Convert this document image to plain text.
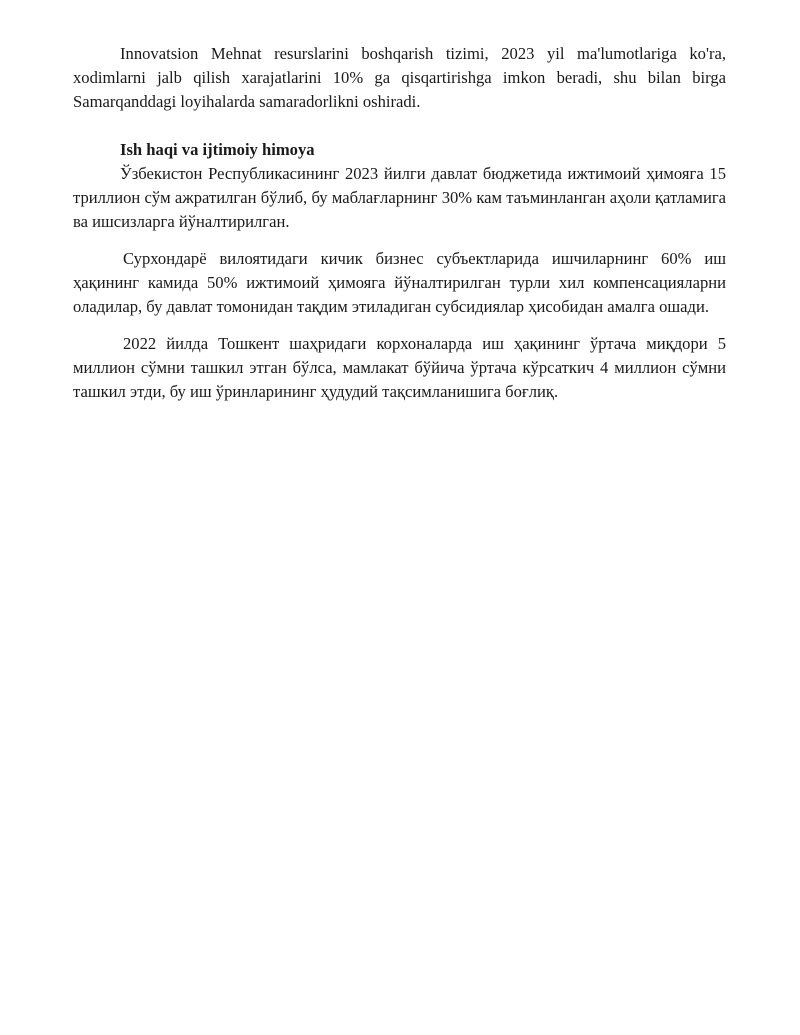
Innovatsion Mehnat resurslarini boshqarish tizimi, 2023 yil ma'lumotlariga ko'ra, xodimlarni jalb qilish xarajatlarini 10% ga qisqartirishga imkon beradi, shu bilan birga Samarqanddagi loyihalarda samaradorlikni oshiradi.

Ish haqi va ijtimoiy himoya

Ўзбекистон Республикасининг 2023 йилги давлат бюджетида ижтимоий ҳимояга 15 триллион сўм ажратилган бўлиб, бу маблағларнинг 30% кам таъминланган аҳоли қатламига ва ишсизларга йўналтирилган.

Сурхондарё вилоятидаги кичик бизнес субъектларида ишчиларнинг 60% иш ҳақининг камида 50% ижтимоий ҳимояга йўналтирилган турли хил компенсацияларни оладилар, бу давлат томонидан тақдим этиладиган субсидиялар ҳисобидан амалга ошади.

2022 йилда Тошкент шаҳридаги корхоналарда иш ҳақининг ўртача миқдори 5 миллион сўмни ташкил этган бўлса, мамлакат бўйича ўртача кўрсаткич 4 миллион сўмни ташкил этди, бу иш ўринларининг ҳудудий тақсимланишига боғлиқ.
